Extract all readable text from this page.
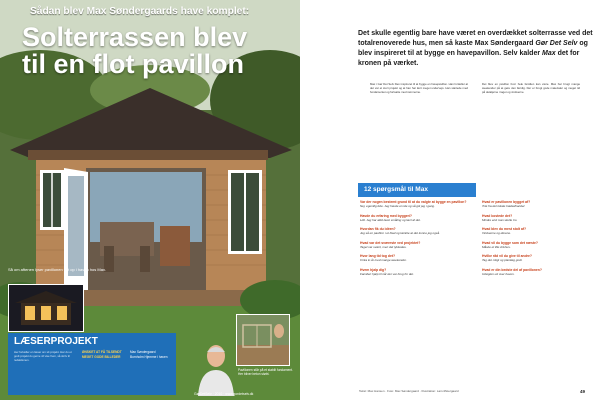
Sådan blev Max Søndergaards have komplet:
Solterrassen blev
til en flot pavillon
Så om aftenen lyser pavillonen flot op i haven hos Max.
LÆSERPROJEKT
Her fortæller en læser om sit projekt. Har du et godt projekt du gerne vil vise frem, så skriv til redaktionen.
ØNSKET AT FÅ TILSENDT MEGET GODE BILLEDER
Max Søndergaard Bornholm Hjemme i haven
Pavillonen står på et stabilt fundament. Her bliver beton støbt.
GørDetSelv · 2010 · www.gordetselv.dk
Det skulle egentlig bare have været en overdækket solterrasse ved det totalrenoverede hus, men så kaste Max Søndergaard Gør Det Selv og blev inspireret til at bygge en havepavillon. Selv kalder Max det for kronen på værket.
Max i Gør Det Selv blev inspireret til at bygge en havepavillon. Han fortæller at det var et stort projekt og at han har lært meget undervejs. Han startede med fundamentet og fortsatte med rammerne.
Det blev en pavillon hvor hele familien kan være. Max har brugt mange weekender på at gøre den færdig. Der er brugt gode materialer og meget tid på detaljerne i taget og vinduerne.
12 spørgsmål til Max
Var der nogen bestemt grund til at du valgte at bygge en pavillon?
Nej, egentlig ikke. Jeg havde en ide og så gik jeg i gang.
Havde du erfaring med byggeri?
Lidt. Jeg har altid lavet småting og lært af det.
Hvordan fik du idéen?
Jeg så en pavillon i et blad og tænkte at det kunne jeg også.
Hvad var det sværeste ved projektet?
Taget var svært, men det lykkedes.
Hvor lang tid tog det?
Cirka to år med mange weekender.
Hvem hjalp dig?
Familien hjalp til når der var brug for det.
Hvad er pavillonen bygget af?
Træ fra det lokale trælasthandel.
Hvad kostede det?
Mindre end man skulle tro.
Hvad blev du mest stolt af?
Vinduerne og dørene.
Hvad vil du bygge som det næste?
Måske et lille drivhus.
Hvilke råd vil du give til andre?
Tag det roligt og planlæg godt.
Hvad er din bedste del af pavillonen?
Udsigten ud over haven.
Tekst: Max Hansen · Foto: Max Søndergaard · Illustration: Lars Østergaard	49
